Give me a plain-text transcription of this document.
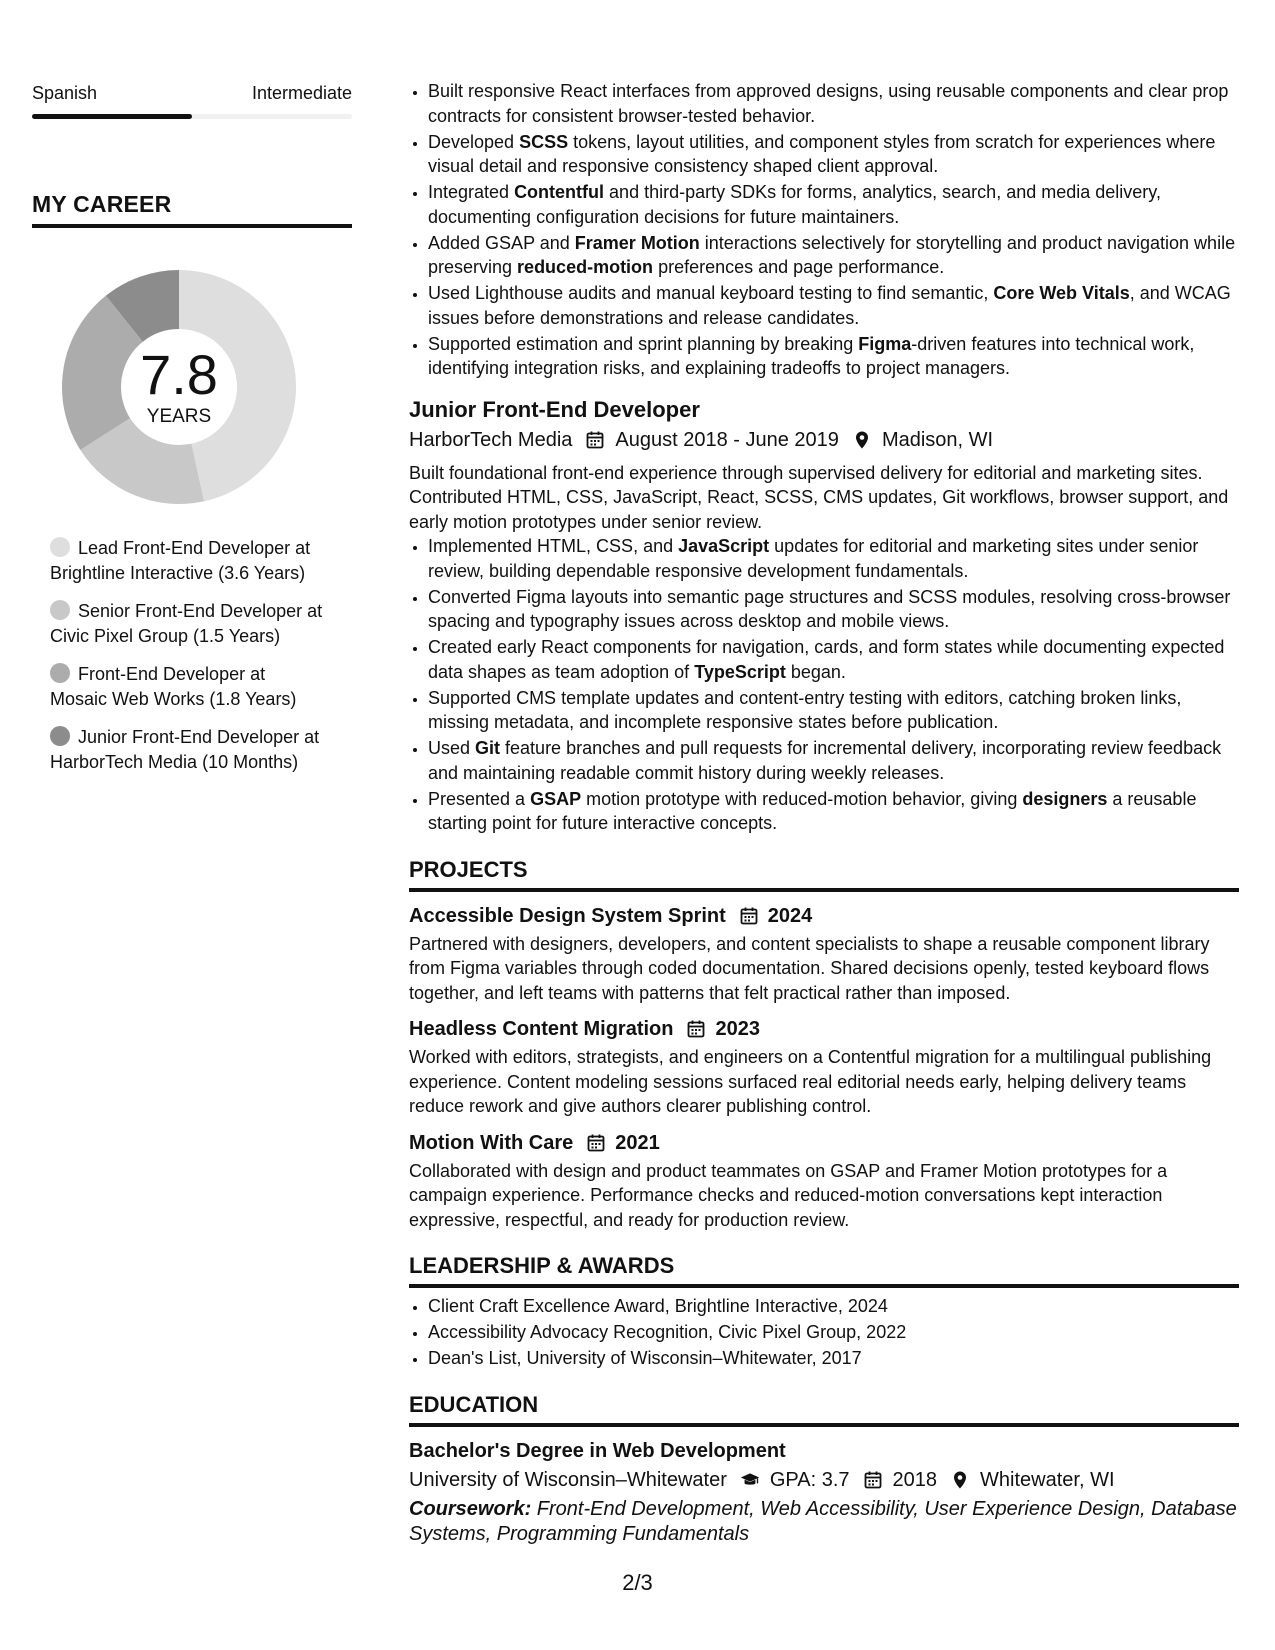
Spanish	Intermediate
MY CAREER
7.8
YEARS
Lead Front-End Developer at Brightline Interactive (3.6 Years)
Senior Front-End Developer at Civic Pixel Group (1.5 Years)
Front-End Developer at Mosaic Web Works (1.8 Years)
Junior Front-End Developer at HarborTech Media (10 Months)
• Built responsive React interfaces from approved designs, using reusable components and clear prop contracts for consistent browser-tested behavior.
• Developed SCSS tokens, layout utilities, and component styles from scratch for experiences where visual detail and responsive consistency shaped client approval.
• Integrated Contentful and third-party SDKs for forms, analytics, search, and media delivery, documenting configuration decisions for future maintainers.
• Added GSAP and Framer Motion interactions selectively for storytelling and product navigation while preserving reduced-motion preferences and page performance.
• Used Lighthouse audits and manual keyboard testing to find semantic, Core Web Vitals, and WCAG issues before demonstrations and release candidates.
• Supported estimation and sprint planning by breaking Figma-driven features into technical work, identifying integration risks, and explaining tradeoffs to project managers.
Junior Front-End Developer
HarborTech Media August 2018 - June 2019 Madison, WI
Built foundational front-end experience through supervised delivery for editorial and marketing sites. Contributed HTML, CSS, JavaScript, React, SCSS, CMS updates, Git workflows, browser support, and early motion prototypes under senior review.
• Implemented HTML, CSS, and JavaScript updates for editorial and marketing sites under senior review, building dependable responsive development fundamentals.
• Converted Figma layouts into semantic page structures and SCSS modules, resolving cross-browser spacing and typography issues across desktop and mobile views.
• Created early React components for navigation, cards, and form states while documenting expected data shapes as team adoption of TypeScript began.
• Supported CMS template updates and content-entry testing with editors, catching broken links, missing metadata, and incomplete responsive states before publication.
• Used Git feature branches and pull requests for incremental delivery, incorporating review feedback and maintaining readable commit history during weekly releases.
• Presented a GSAP motion prototype with reduced-motion behavior, giving designers a reusable starting point for future interactive concepts.
PROJECTS
Accessible Design System Sprint 2024
Partnered with designers, developers, and content specialists to shape a reusable component library from Figma variables through coded documentation. Shared decisions openly, tested keyboard flows together, and left teams with patterns that felt practical rather than imposed.
Headless Content Migration 2023
Worked with editors, strategists, and engineers on a Contentful migration for a multilingual publishing experience. Content modeling sessions surfaced real editorial needs early, helping delivery teams reduce rework and give authors clearer publishing control.
Motion With Care 2021
Collaborated with design and product teammates on GSAP and Framer Motion prototypes for a campaign experience. Performance checks and reduced-motion conversations kept interaction expressive, respectful, and ready for production review.
LEADERSHIP & AWARDS
• Client Craft Excellence Award, Brightline Interactive, 2024
• Accessibility Advocacy Recognition, Civic Pixel Group, 2022
• Dean's List, University of Wisconsin–Whitewater, 2017
EDUCATION
Bachelor's Degree in Web Development
University of Wisconsin–Whitewater GPA: 3.7 2018 Whitewater, WI
Coursework: Front-End Development, Web Accessibility, User Experience Design, Database Systems, Programming Fundamentals
2/3
